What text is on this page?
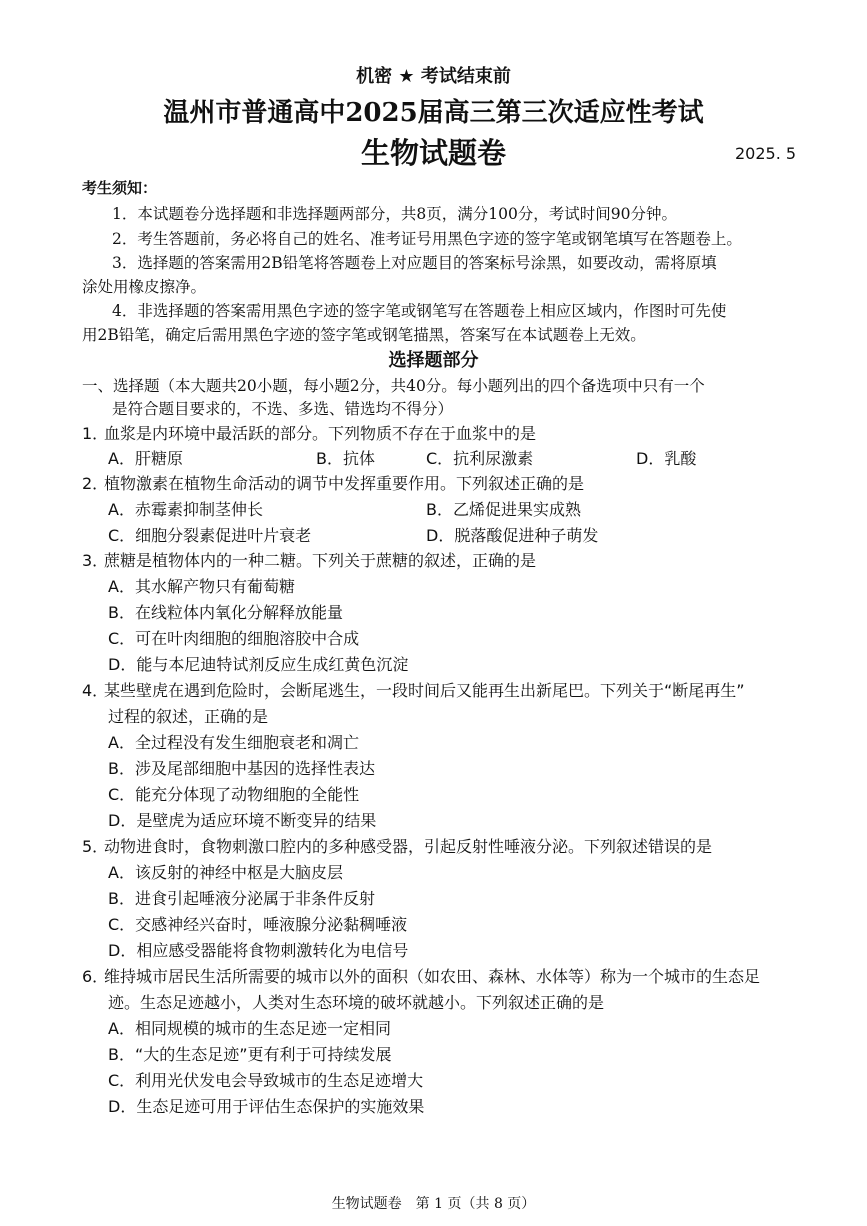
机密 ★ 考试结束前
温州市普通高中2025届高三第三次适应性考试
生物试题卷	2025. 5
考生须知：
1．本试题卷分选择题和非选择题两部分，共8页，满分100分，考试时间90分钟。
2．考生答题前，务必将自己的姓名、准考证号用黑色字迹的签字笔或钢笔填写在答题卷上。
3．选择题的答案需用2B铅笔将答题卷上对应题目的答案标号涂黑，如要改动，需将原填
涂处用橡皮擦净。
4．非选择题的答案需用黑色字迹的签字笔或钢笔写在答题卷上相应区域内，作图时可先使
用2B铅笔，确定后需用黑色字迹的签字笔或钢笔描黑，答案写在本试题卷上无效。
选择题部分
一、选择题（本大题共20小题，每小题2分，共40分。每小题列出的四个备选项中只有一个
是符合题目要求的，不选、多选、错选均不得分）
1．血浆是内环境中最活跃的部分。下列物质不存在于血浆中的是
A．肝糖原	B．抗体	C．抗利尿激素	D．乳酸
2．植物激素在植物生命活动的调节中发挥重要作用。下列叙述正确的是
A．赤霉素抑制茎伸长	B．乙烯促进果实成熟
C．细胞分裂素促进叶片衰老	D．脱落酸促进种子萌发
3．蔗糖是植物体内的一种二糖。下列关于蔗糖的叙述，正确的是
A．其水解产物只有葡萄糖
B．在线粒体内氧化分解释放能量
C．可在叶肉细胞的细胞溶胶中合成
D．能与本尼迪特试剂反应生成红黄色沉淀
4．某些壁虎在遇到危险时，会断尾逃生，一段时间后又能再生出新尾巴。下列关于“断尾再生”
过程的叙述，正确的是
A．全过程没有发生细胞衰老和凋亡
B．涉及尾部细胞中基因的选择性表达
C．能充分体现了动物细胞的全能性
D．是壁虎为适应环境不断变异的结果
5．动物进食时，食物刺激口腔内的多种感受器，引起反射性唾液分泌。下列叙述错误的是
A．该反射的神经中枢是大脑皮层
B．进食引起唾液分泌属于非条件反射
C．交感神经兴奋时，唾液腺分泌黏稠唾液
D．相应感受器能将食物刺激转化为电信号
6．维持城市居民生活所需要的城市以外的面积（如农田、森林、水体等）称为一个城市的生态足
迹。生态足迹越小，人类对生态环境的破坏就越小。下列叙述正确的是
A．相同规模的城市的生态足迹一定相同
B．“大的生态足迹”更有利于可持续发展
C．利用光伏发电会导致城市的生态足迹增大
D．生态足迹可用于评估生态保护的实施效果
生物试题卷　第 1 页（共 8 页）
